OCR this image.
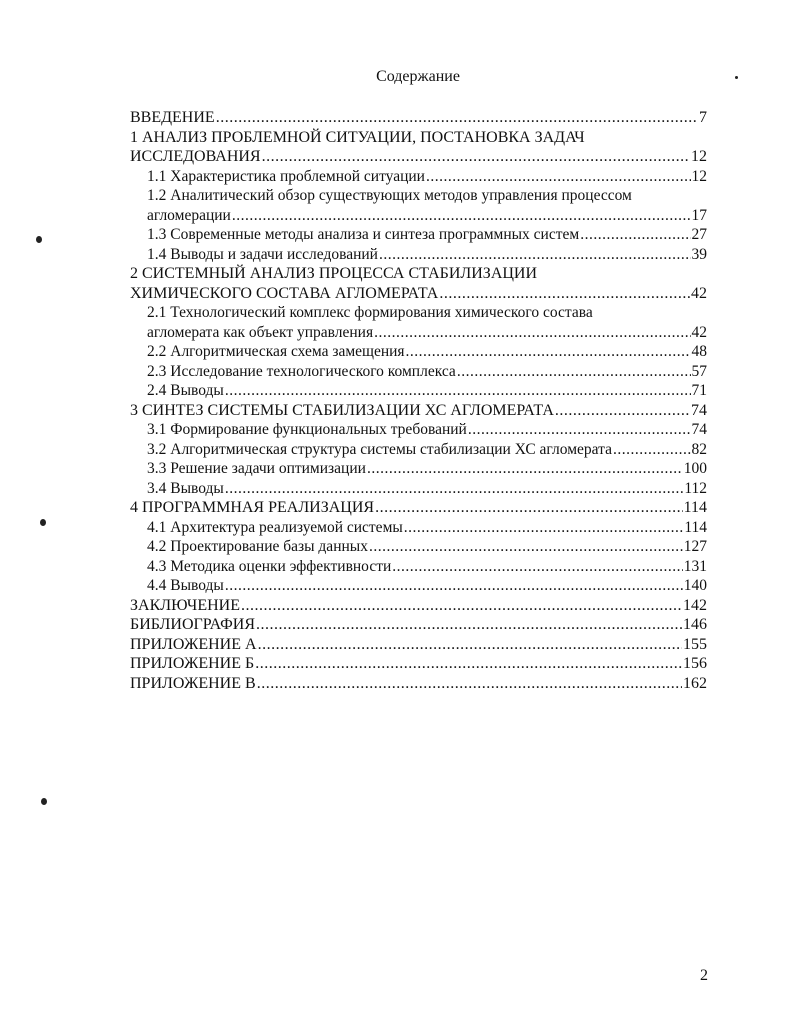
Содержание
ВВЕДЕНИЕ .....	7
1 АНАЛИЗ ПРОБЛЕМНОЙ СИТУАЦИИ, ПОСТАНОВКА ЗАДАЧ
ИССЛЕДОВАНИЯ .....	12
1.1 Характеристика проблемной ситуации .....	12
1.2 Аналитический обзор существующих методов управления процессом
агломерации .....	17
1.3 Современные методы анализа и синтеза программных систем .....	27
1.4 Выводы и задачи исследований .....	39
2 СИСТЕМНЫЙ АНАЛИЗ ПРОЦЕССА СТАБИЛИЗАЦИИ
ХИМИЧЕСКОГО СОСТАВА АГЛОМЕРАТА .....	42
2.1 Технологический комплекс формирования химического состава
агломерата как объект управления .....	42
2.2 Алгоритмическая схема замещения .....	48
2.3 Исследование технологического комплекса .....	57
2.4 Выводы .....	71
3 СИНТЕЗ СИСТЕМЫ СТАБИЛИЗАЦИИ ХС АГЛОМЕРАТА .....	74
3.1 Формирование функциональных требований .....	74
3.2 Алгоритмическая структура системы стабилизации ХС агломерата .....	82
3.3 Решение задачи оптимизации .....	100
3.4 Выводы .....	112
4 ПРОГРАММНАЯ РЕАЛИЗАЦИЯ .....	114
4.1 Архитектура реализуемой системы .....	114
4.2 Проектирование базы данных .....	127
4.3 Методика оценки эффективности .....	131
4.4 Выводы .....	140
ЗАКЛЮЧЕНИЕ .....	142
БИБЛИОГРАФИЯ .....	146
ПРИЛОЖЕНИЕ А .....	155
ПРИЛОЖЕНИЕ Б .....	156
ПРИЛОЖЕНИЕ В .....	162
2
